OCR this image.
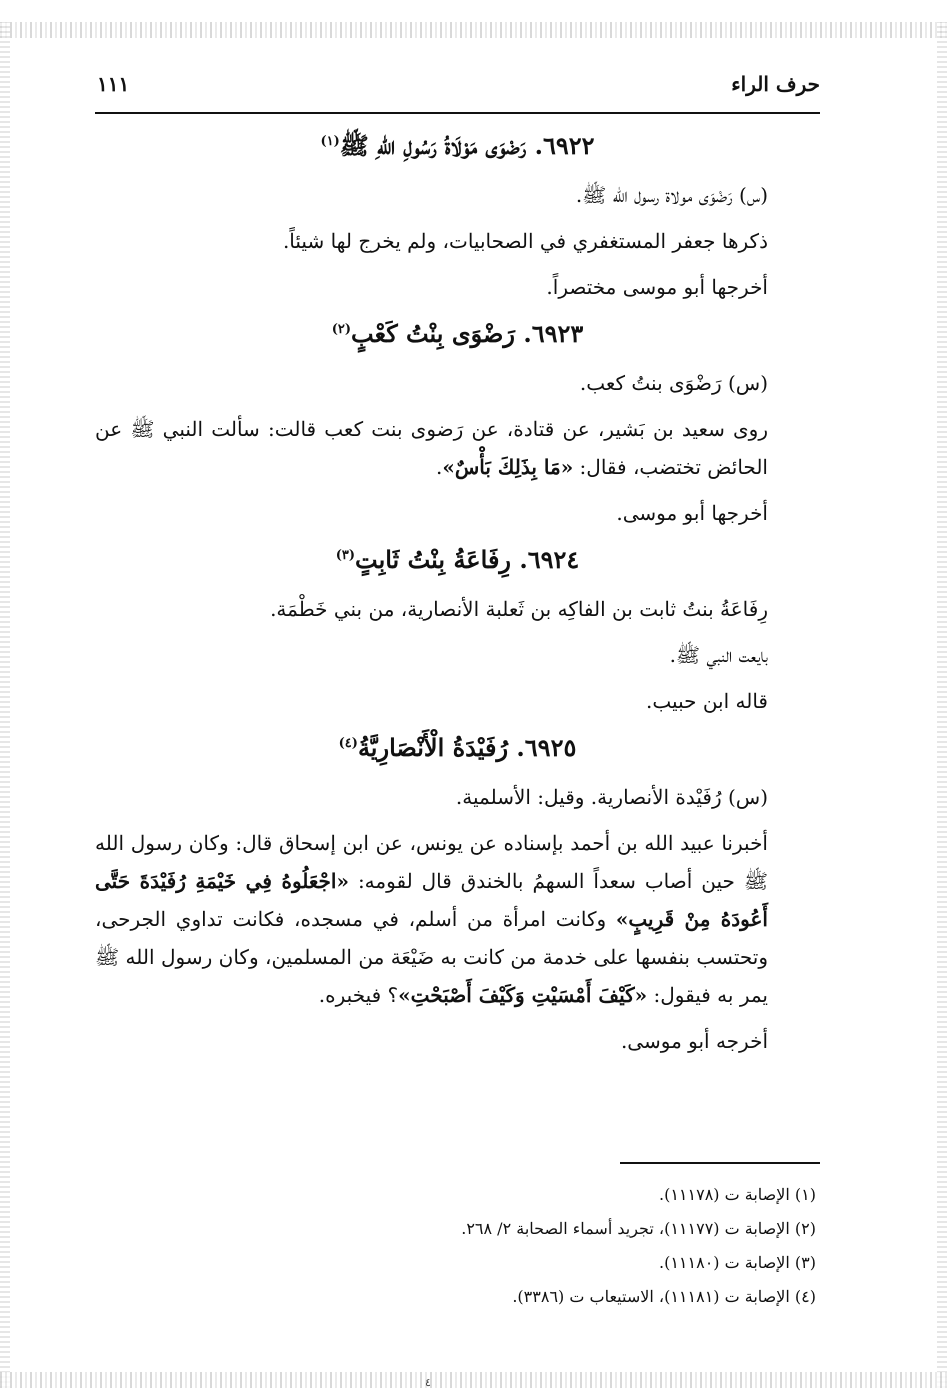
حرف الراء
١١١
٦٩٢٢. رَضْوَى مَوْلَاةُ رَسُولِ اللّٰهِ ﷺ$^{(١)}$

(س) رَضْوَى مولاة رسول الله ﷺ.

ذكرها جعفر المستغفري في الصحابيات، ولم يخرج لها شيئاً.

أخرجها أبو موسى مختصراً.

٦٩٢٣. رَضْوَى بِنْتُ كَعْبٍ$^{(٢)}$

(س) رَضْوَى بنتُ كعب.

روى سعيد بن بَشير، عن قتادة، عن رَضوى بنت كعب قالت: سألت النبي ﷺ عن الحائض تختضب، فقال: «مَا بِذَلِكَ بَأْسٌ».

أخرجها أبو موسى.

٦٩٢٤. رِفَاعَةُ بِنْتُ ثَابِتٍ$^{(٣)}$

رِفَاعَةُ بنتُ ثابت بن الفاكِه بن ثَعلبة الأنصارية، من بني خَطْمَة.

بايعت النبي ﷺ.

قاله ابن حبيب.

٦٩٢٥. رُفَيْدَةُ الْأَنْصَارِيَّةُ$^{(٤)}$

(س) رُفَيْدة الأنصارية. وقيل: الأسلمية.

أخبرنا عبيد الله بن أحمد بإسناده عن يونس، عن ابن إسحاق قال: وكان رسول الله ﷺ حين أصاب سعداً السهمُ بالخندق قال لقومه: «اجْعَلُوهُ فِي خَيْمَةِ رُفَيْدَةَ حَتَّى أَعُودَهُ مِنْ قَرِيبٍ» وكانت امرأة من أسلم، في مسجده، فكانت تداوي الجرحى، وتحتسب بنفسها على خدمة من كانت به ضَيْعَة من المسلمين، وكان رسول الله ﷺ يمر به فيقول: «كَيْفَ أَمْسَيْتِ وَكَيْفَ أَصْبَحْتِ»؟ فيخبره.

أخرجه أبو موسى.

(١) الإصابة ت (١١١٧٨).
(٢) الإصابة ت (١١١٧٧)، تجريد أسماء الصحابة ٢/ ٢٦٨.
(٣) الإصابة ت (١١١٨٠).
(٤) الإصابة ت (١١١٨١)، الاستيعاب ت (٣٣٨٦).
٤
